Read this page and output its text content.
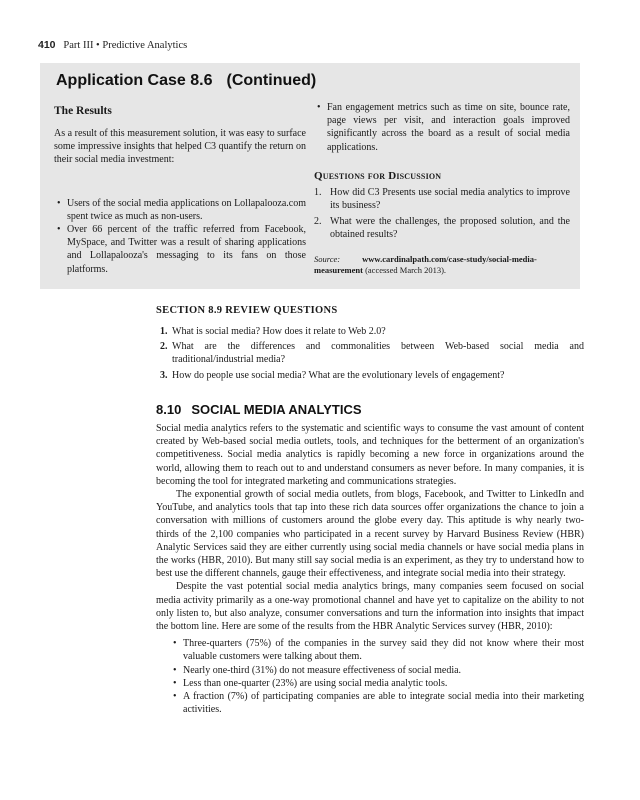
410 Part III • Predictive Analytics
Application Case 8.6 (Continued)
The Results

As a result of this measurement solution, it was easy to surface some impressive insights that helped C3 quantify the return on their social media investment:

• Users of the social media applications on Lollapalooza.com spent twice as much as non-users.
• Over 66 percent of the traffic referred from Facebook, MySpace, and Twitter was a result of sharing applications and Lollapalooza's messaging to its fans on those platforms.
• Fan engagement metrics such as time on site, bounce rate, page views per visit, and interaction goals improved significantly across the board as a result of social media applications.
Questions for Discussion
1. How did C3 Presents use social media analytics to improve its business?
2. What were the challenges, the proposed solution, and the obtained results?
Source:	www.cardinalpath.com/case-study/social-media-measurement (accessed March 2013).
SECTION 8.9 REVIEW QUESTIONS
1. What is social media? How does it relate to Web 2.0?
2. What are the differences and commonalities between Web-based social media and traditional/industrial media?
3. How do people use social media? What are the evolutionary levels of engagement?
8.10 SOCIAL MEDIA ANALYTICS

Social media analytics refers to the systematic and scientific ways to consume the vast amount of content created by Web-based social media outlets, tools, and techniques for the betterment of an organization's competitiveness. Social media analytics is rapidly becoming a new force in organizations around the world, allowing them to reach out to and understand consumers as never before. In many companies, it is becoming the tool for integrated marketing and communications strategies.

The exponential growth of social media outlets, from blogs, Facebook, and Twitter to LinkedIn and YouTube, and analytics tools that tap into these rich data sources offer organizations the chance to join a conversation with millions of customers around the globe every day. This aptitude is why nearly two-thirds of the 2,100 companies who participated in a recent survey by Harvard Business Review (HBR) Analytic Services said they are either currently using social media channels or have social media plans in the works (HBR, 2010). But many still say social media is an experiment, as they try to understand how to best use the different channels, gauge their effectiveness, and integrate social media into their strategy.

Despite the vast potential social media analytics brings, many companies seem focused on social media activity primarily as a one-way promotional channel and have yet to capitalize on the ability to not only listen to, but also analyze, consumer conversations and turn the information into insights that impact the bottom line. Here are some of the results from the HBR Analytic Services survey (HBR, 2010):

• Three-quarters (75%) of the companies in the survey said they did not know where their most valuable customers were talking about them.
• Nearly one-third (31%) do not measure effectiveness of social media.
• Less than one-quarter (23%) are using social media analytic tools.
• A fraction (7%) of participating companies are able to integrate social media into their marketing activities.
